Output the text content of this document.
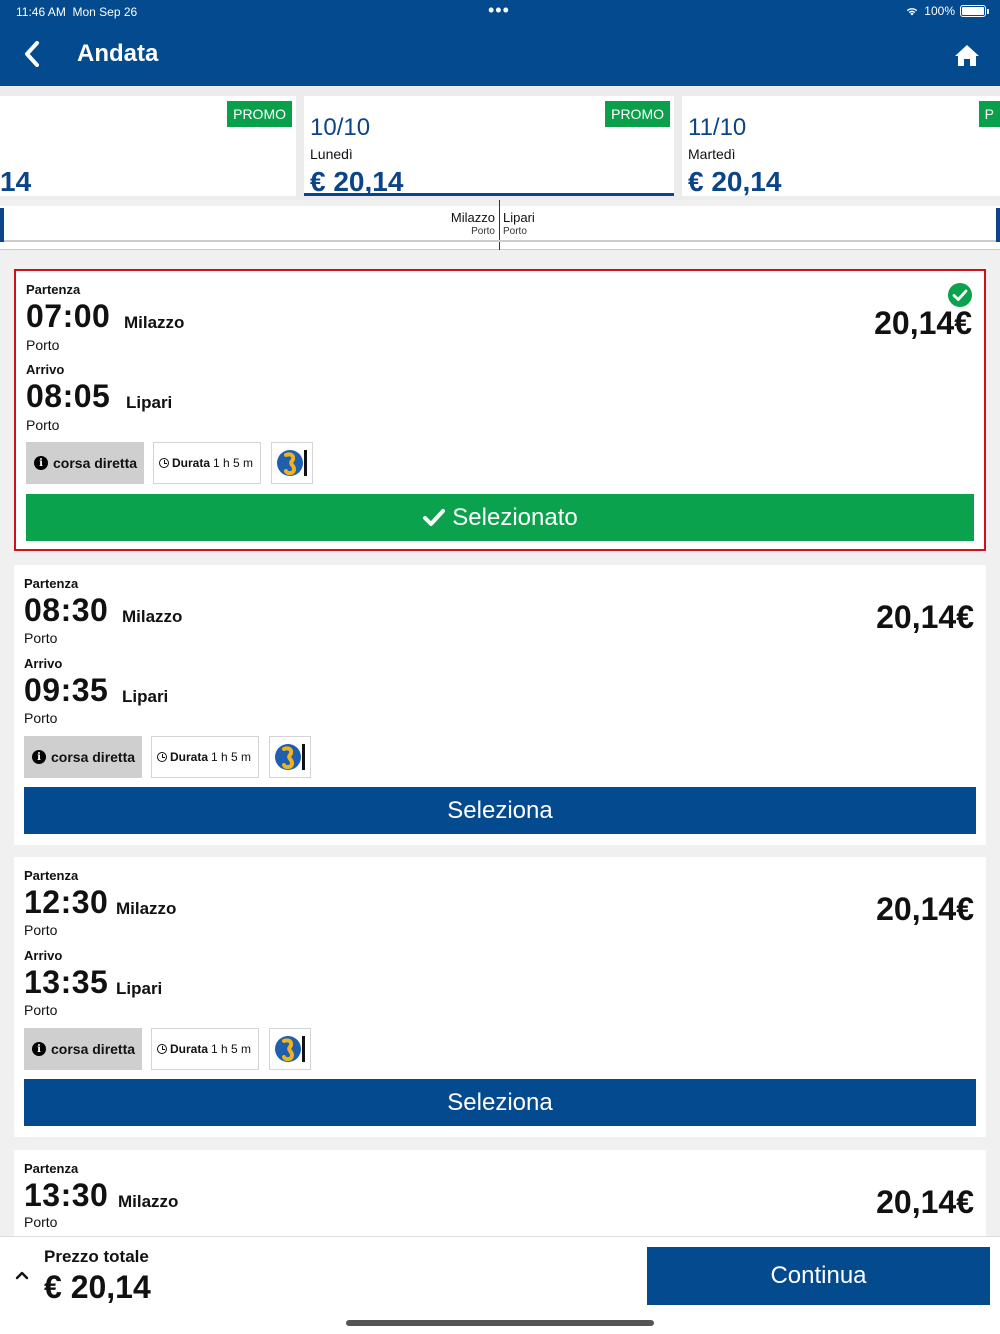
11:46 AM Mon Sep 26	•••	100%
Andata
PROMO
14
PROMO
10/10
Lunedì
€ 20,14
P
11/10
Martedì
€ 20,14
Milazzo
Porto
Lipari
Porto
Partenza
07:00 Milazzo
Porto
Arrivo
08:05 Lipari
Porto
20,14€
i corsa diretta	Durata 1 h 5 m
Selezionato
Partenza
08:30 Milazzo
Porto
Arrivo
09:35 Lipari
Porto
20,14€
i corsa diretta	Durata 1 h 5 m
Seleziona
Partenza
12:30 Milazzo
Porto
Arrivo
13:35 Lipari
Porto
20,14€
i corsa diretta	Durata 1 h 5 m
Seleziona
Partenza
13:30 Milazzo
Porto
20,14€
Prezzo totale
€ 20,14	Continua
